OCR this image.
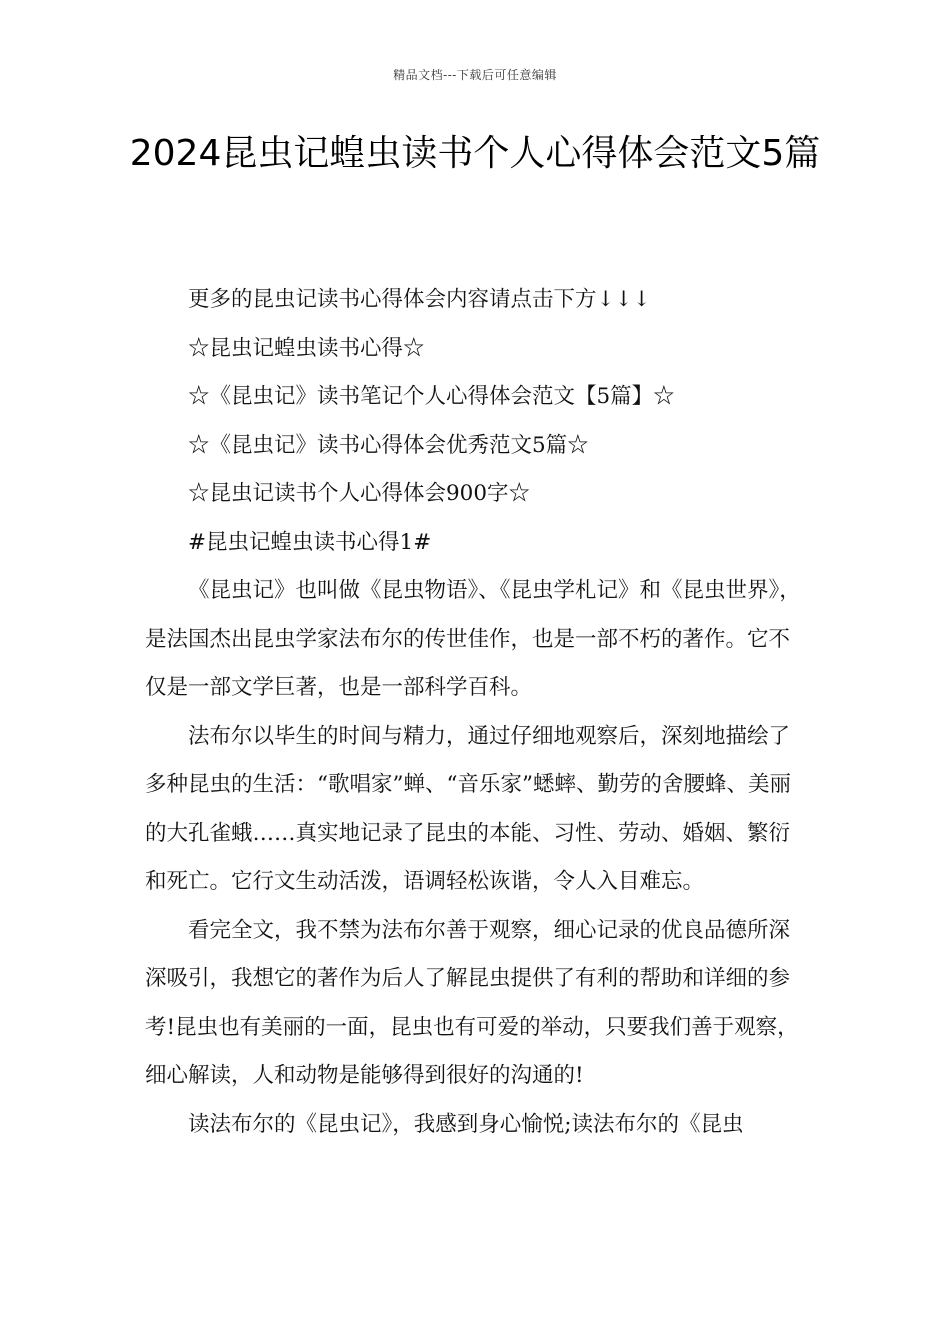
精品文档---下载后可任意编辑
2024昆虫记蝗虫读书个人心得体会范文5篇

更多的昆虫记读书心得体会内容请点击下方↓↓↓

☆昆虫记蝗虫读书心得☆

☆《昆虫记》读书笔记个人心得体会范文【5篇】☆

☆《昆虫记》读书心得体会优秀范文5篇☆

☆昆虫记读书个人心得体会900字☆

#昆虫记蝗虫读书心得1#

《昆虫记》也叫做《昆虫物语》、《昆虫学札记》和《昆虫世界》，是法国杰出昆虫学家法布尔的传世佳作，也是一部不朽的著作。它不仅是一部文学巨著，也是一部科学百科。

法布尔以毕生的时间与精力，通过仔细地观察后，深刻地描绘了多种昆虫的生活：“歌唱家”蝉、“音乐家”蟋蟀、勤劳的舍腰蜂、美丽的大孔雀蛾……真实地记录了昆虫的本能、习性、劳动、婚姻、繁衍和死亡。它行文生动活泼，语调轻松诙谐，令人入目难忘。

看完全文，我不禁为法布尔善于观察，细心记录的优良品德所深深吸引，我想它的著作为后人了解昆虫提供了有利的帮助和详细的参考!昆虫也有美丽的一面，昆虫也有可爱的举动，只要我们善于观察，细心解读，人和动物是能够得到很好的沟通的!

读法布尔的《昆虫记》，我感到身心愉悦;读法布尔的《昆虫
